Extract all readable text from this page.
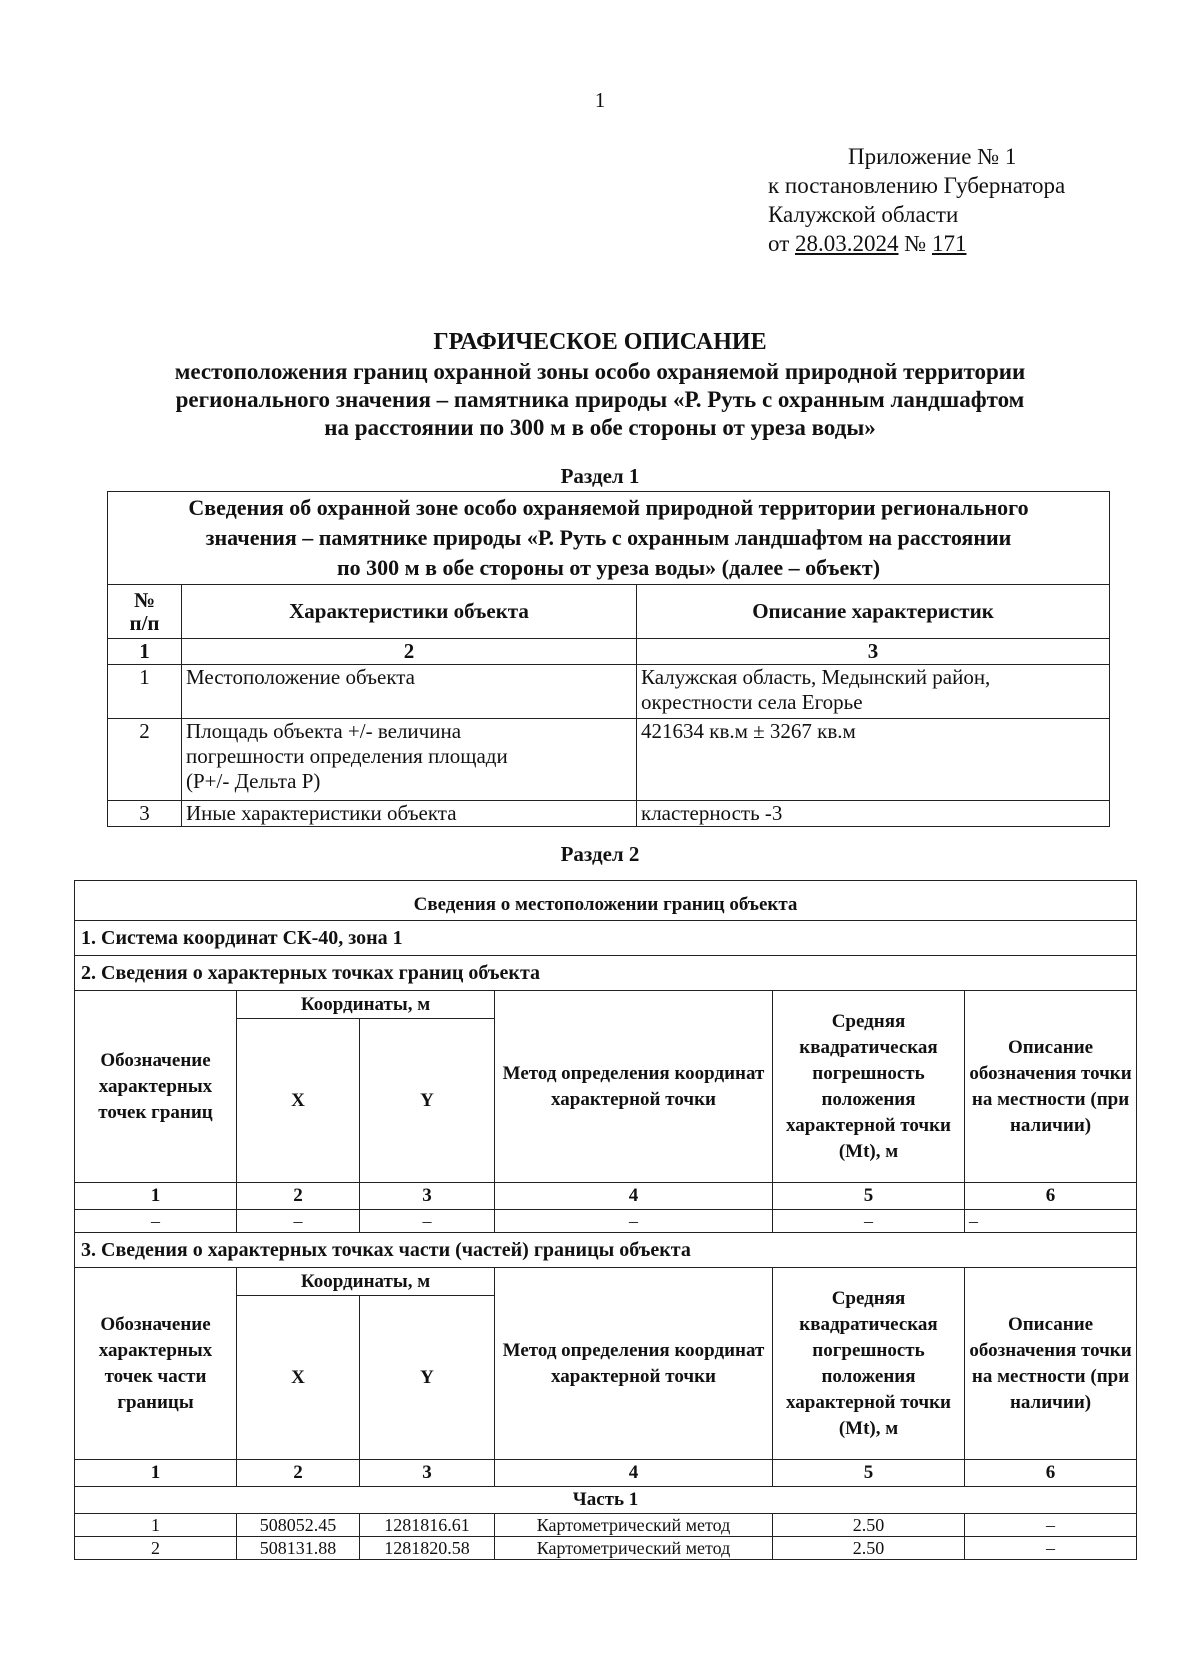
1
Приложение № 1
к постановлению Губернатора
Калужской области
от 28.03.2024 № 171
ГРАФИЧЕСКОЕ ОПИСАНИЕ
местоположения границ охранной зоны особо охраняемой природной территории
регионального значения – памятника природы «Р. Руть с охранным ландшафтом
на расстоянии по 300 м в обе стороны от уреза воды»
Раздел 1
Сведения об охранной зоне особо охраняемой природной территории регионального
значения – памятнике природы «Р. Руть с охранным ландшафтом на расстоянии
по 300 м в обе стороны от уреза воды» (далее – объект)		

№
п/п	Характеристики объекта	Описание характеристик
1	2	3
1	Местоположение объекта	Калужская область, Медынский район,
окрестности села Егорье

2	Площадь объекта +/- величина
погрешности определения площади
(P+/- Дельта P)	421634 кв.м ± 3267 кв.м
3	Иные характеристики объекта	кластерность -3
Раздел 2
Сведения о местоположении границ объекта					
1. Система координат СК-40, зона 1					
2. Сведения о характерных точках границ объекта					
Обозначение характерных точек границ	Координаты, м		Метод определения координат характерной точки	Средняя квадратическая погрешность положения характерной точки (Mt), м	Описание обозначения точки на местности (при наличии)
	X	Y			
1	2	3	4	5	6
–	–	–	–	–	–
3. Сведения о характерных точках части (частей) границы объекта					
Обозначение характерных точек части границы	Координаты, м		Метод определения координат характерной точки	Средняя квадратическая погрешность положения характерной точки (Mt), м	Описание обозначения точки на местности (при наличии)
	X	Y			
1	2	3	4	5	6
Часть 1					
1	508052.45	1281816.61	Картометрический метод	2.50	–
2	508131.88	1281820.58	Картометрический метод	2.50	–
